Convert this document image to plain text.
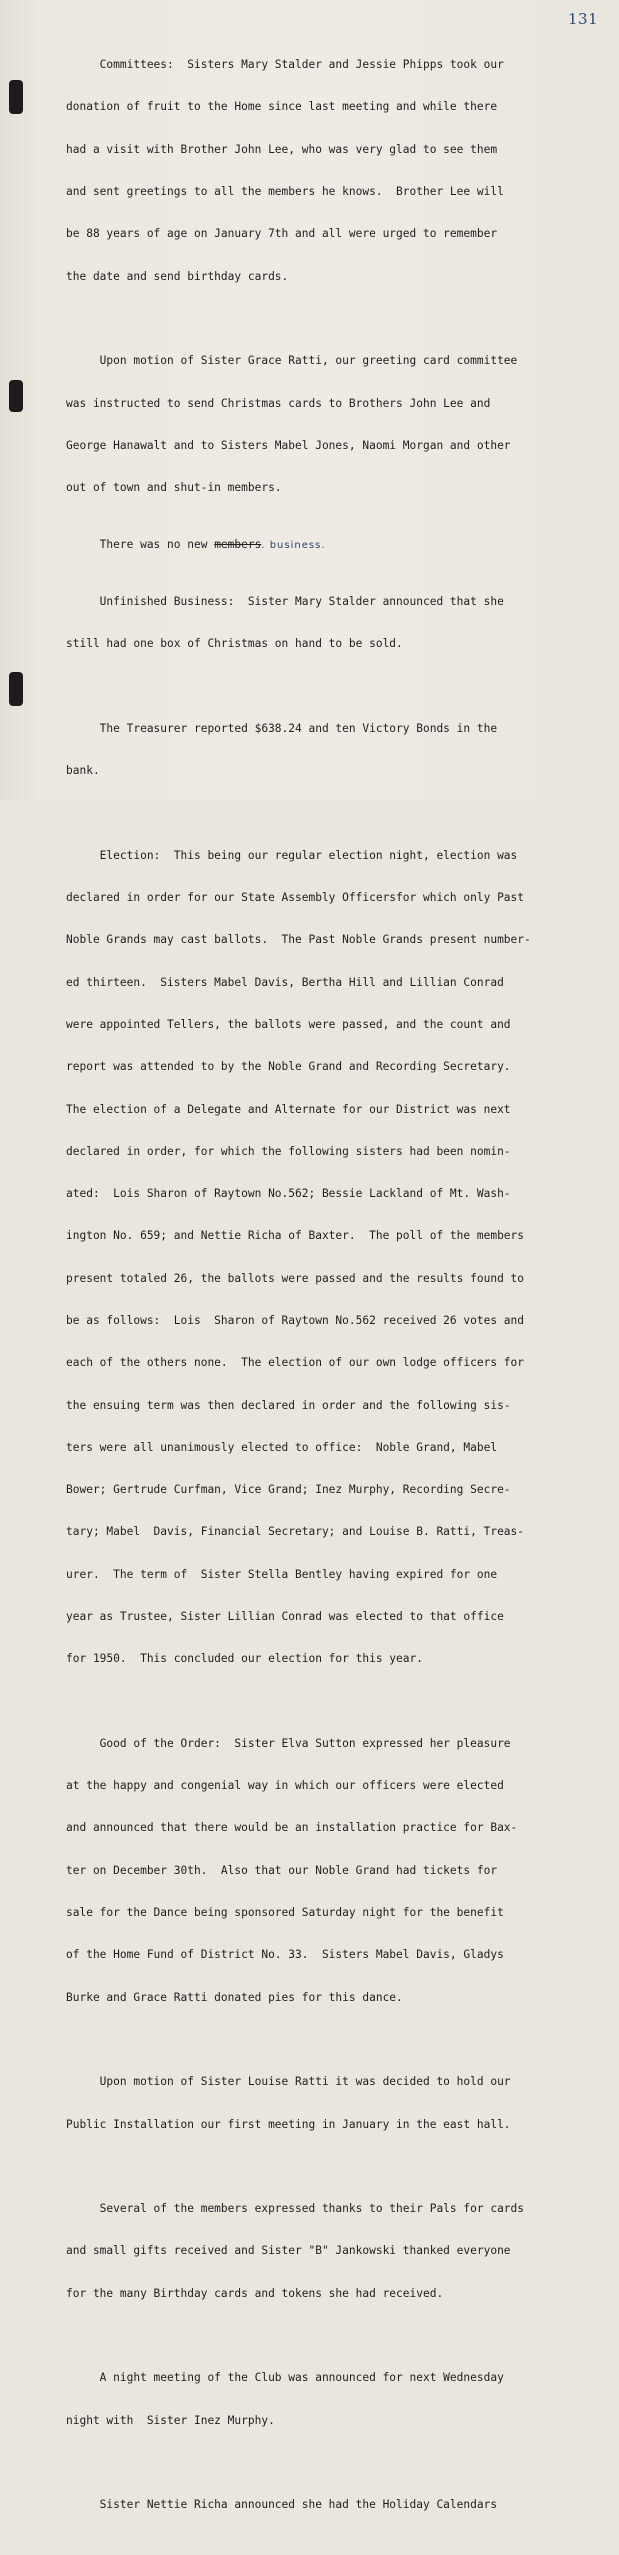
131

Committees:  Sisters Mary Stalder and Jessie Phipps took our

donation of fruit to the Home since last meeting and while there

had a visit with Brother John Lee, who was very glad to see them

and sent greetings to all the members he knows.  Brother Lee will

be 88 years of age on January 7th and all were urged to remember

the date and send birthday cards.

Upon motion of Sister Grace Ratti, our greeting card committee

was instructed to send Christmas cards to Brothers John Lee and

George Hanawalt and to Sisters Mabel Jones, Naomi Morgan and other

out of town and shut-in members.

There was no new members. business.

Unfinished Business:  Sister Mary Stalder announced that she

still had one box of Christmas on hand to be sold.

The Treasurer reported $638.24 and ten Victory Bonds in the

bank.

Election:  This being our regular election night, election was

declared in order for our State Assembly Officersfor which only Past

Noble Grands may cast ballots.  The Past Noble Grands present number-

ed thirteen.  Sisters Mabel Davis, Bertha Hill and Lillian Conrad

were appointed Tellers, the ballots were passed, and the count and

report was attended to by the Noble Grand and Recording Secretary.

The election of a Delegate and Alternate for our District was next

declared in order, for which the following sisters had been nomin-

ated:  Lois Sharon of Raytown No.562; Bessie Lackland of Mt. Wash-

ington No. 659; and Nettie Richa of Baxter.  The poll of the members

present totaled 26, the ballots were passed and the results found to

be as follows:  Lois  Sharon of Raytown No.562 received 26 votes and

each of the others none.  The election of our own lodge officers for

the ensuing term was then declared in order and the following sis-

ters were all unanimously elected to office:  Noble Grand, Mabel

Bower; Gertrude Curfman, Vice Grand; Inez Murphy, Recording Secre-

tary; Mabel  Davis, Financial Secretary; and Louise B. Ratti, Treas-

urer.  The term of  Sister Stella Bentley having expired for one

year as Trustee, Sister Lillian Conrad was elected to that office

for 1950.  This concluded our election for this year.

Good of the Order:  Sister Elva Sutton expressed her pleasure

at the happy and congenial way in which our officers were elected

and announced that there would be an installation practice for Bax-

ter on December 30th.  Also that our Noble Grand had tickets for

sale for the Dance being sponsored Saturday night for the benefit

of the Home Fund of District No. 33.  Sisters Mabel Davis, Gladys

Burke and Grace Ratti donated pies for this dance.

Upon motion of Sister Louise Ratti it was decided to hold our

Public Installation our first meeting in January in the east hall.

Several of the members expressed thanks to their Pals for cards

and small gifts received and Sister "B" Jankowski thanked everyone

for the many Birthday cards and tokens she had received.

A night meeting of the Club was announced for next Wednesday

night with  Sister Inez Murphy.

Sister Nettie Richa announced she had the Holiday Calendars
